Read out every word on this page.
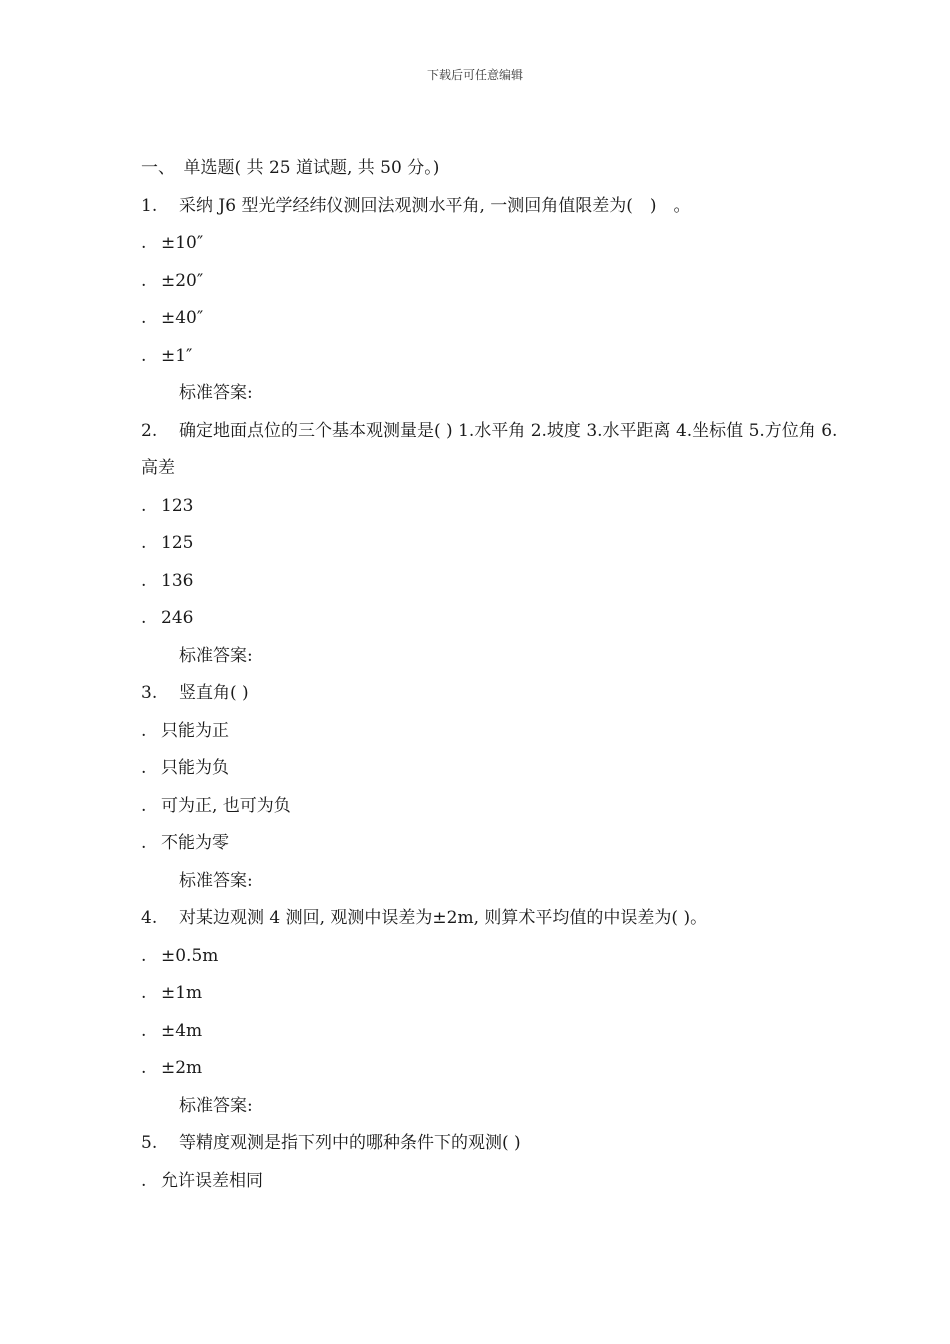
下载后可任意编辑
一、　单选题( 共 25 道试题, 共 50 分。)
1. 采纳 J6 型光学经纬仪测回法观测水平角, 一测回角值限差为(　)　。
. ±10″
. ±20″
. ±40″
. ±1″
标准答案:
2. 确定地面点位的三个基本观测量是( ) 1.水平角 2.坡度 3.水平距离 4.坐标值 5.方位角 6.高差
. 123
. 125
. 136
. 246
标准答案:
3. 竖直角( )
. 只能为正
. 只能为负
. 可为正, 也可为负
. 不能为零
标准答案:
4. 对某边观测 4 测回, 观测中误差为±2m, 则算术平均值的中误差为( )。
. ±0.5m
. ±1m
. ±4m
. ±2m
标准答案:
5. 等精度观测是指下列中的哪种条件下的观测( )
. 允许误差相同
